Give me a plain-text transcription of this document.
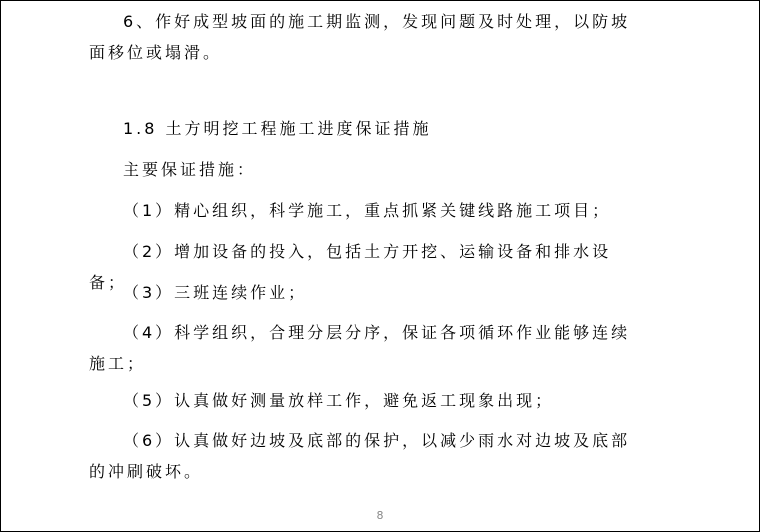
6、作好成型坡面的施工期监测，发现问题及时处理，以防坡面移位或塌滑。

1.8 土方明挖工程施工进度保证措施

主要保证措施：

（1）精心组织，科学施工，重点抓紧关键线路施工项目；

（2）增加设备的投入，包括土方开挖、运输设备和排水设备；

（3）三班连续作业；

（4）科学组织，合理分层分序，保证各项循环作业能够连续施工；

（5）认真做好测量放样工作，避免返工现象出现；

（6）认真做好边坡及底部的保护，以减少雨水对边坡及底部的冲刷破坏。

8
